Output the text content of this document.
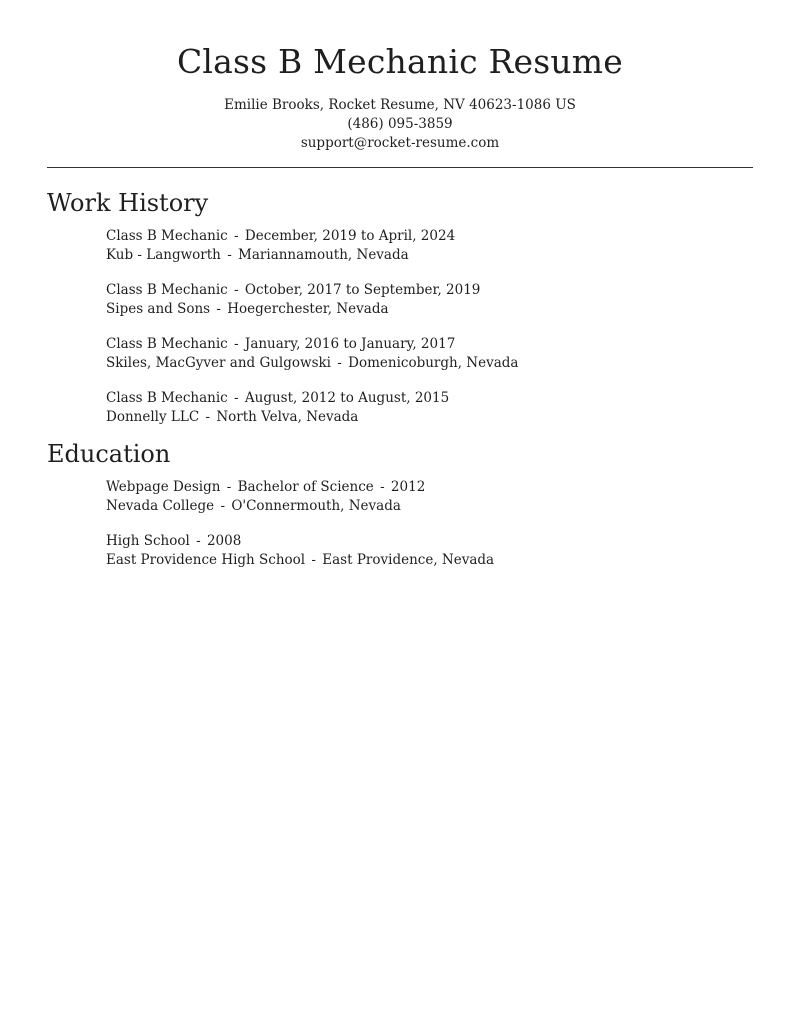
Class B Mechanic Resume
Emilie Brooks, Rocket Resume, NV 40623-1086 US
(486) 095-3859
support@rocket-resume.com
Work History
Class B Mechanic - December, 2019 to April, 2024
Kub - Langworth - Mariannamouth, Nevada
Class B Mechanic - October, 2017 to September, 2019
Sipes and Sons - Hoegerchester, Nevada
Class B Mechanic - January, 2016 to January, 2017
Skiles, MacGyver and Gulgowski - Domenicoburgh, Nevada
Class B Mechanic - August, 2012 to August, 2015
Donnelly LLC - North Velva, Nevada
Education
Webpage Design - Bachelor of Science - 2012
Nevada College - O'Connermouth, Nevada
High School - 2008
East Providence High School - East Providence, Nevada
